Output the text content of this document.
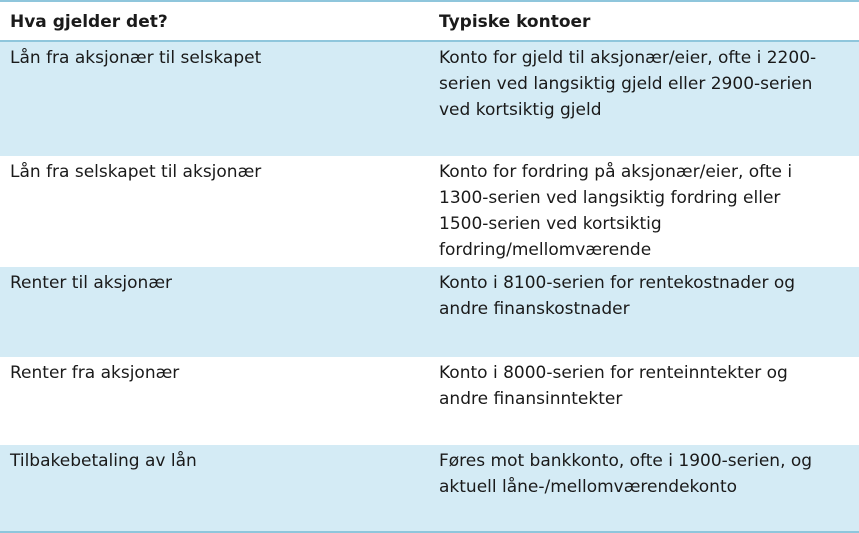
Hva gjelder det?	Typiske kontoer
Lån fra aksjonær til selskapet	Konto for gjeld til aksjonær/eier, ofte i 2200-
serien ved langsiktig gjeld eller 2900-serien
ved kortsiktig gjeld
Lån fra selskapet til aksjonær	Konto for fordring på aksjonær/eier, ofte i
1300-serien ved langsiktig fordring eller
1500-serien ved kortsiktig
fordring/mellomværende
Renter til aksjonær	Konto i 8100-serien for rentekostnader og
andre finanskostnader
Renter fra aksjonær	Konto i 8000-serien for renteinntekter og
andre finansinntekter
Tilbakebetaling av lån	Føres mot bankkonto, ofte i 1900-serien, og
aktuell låne-/mellomværendekonto
